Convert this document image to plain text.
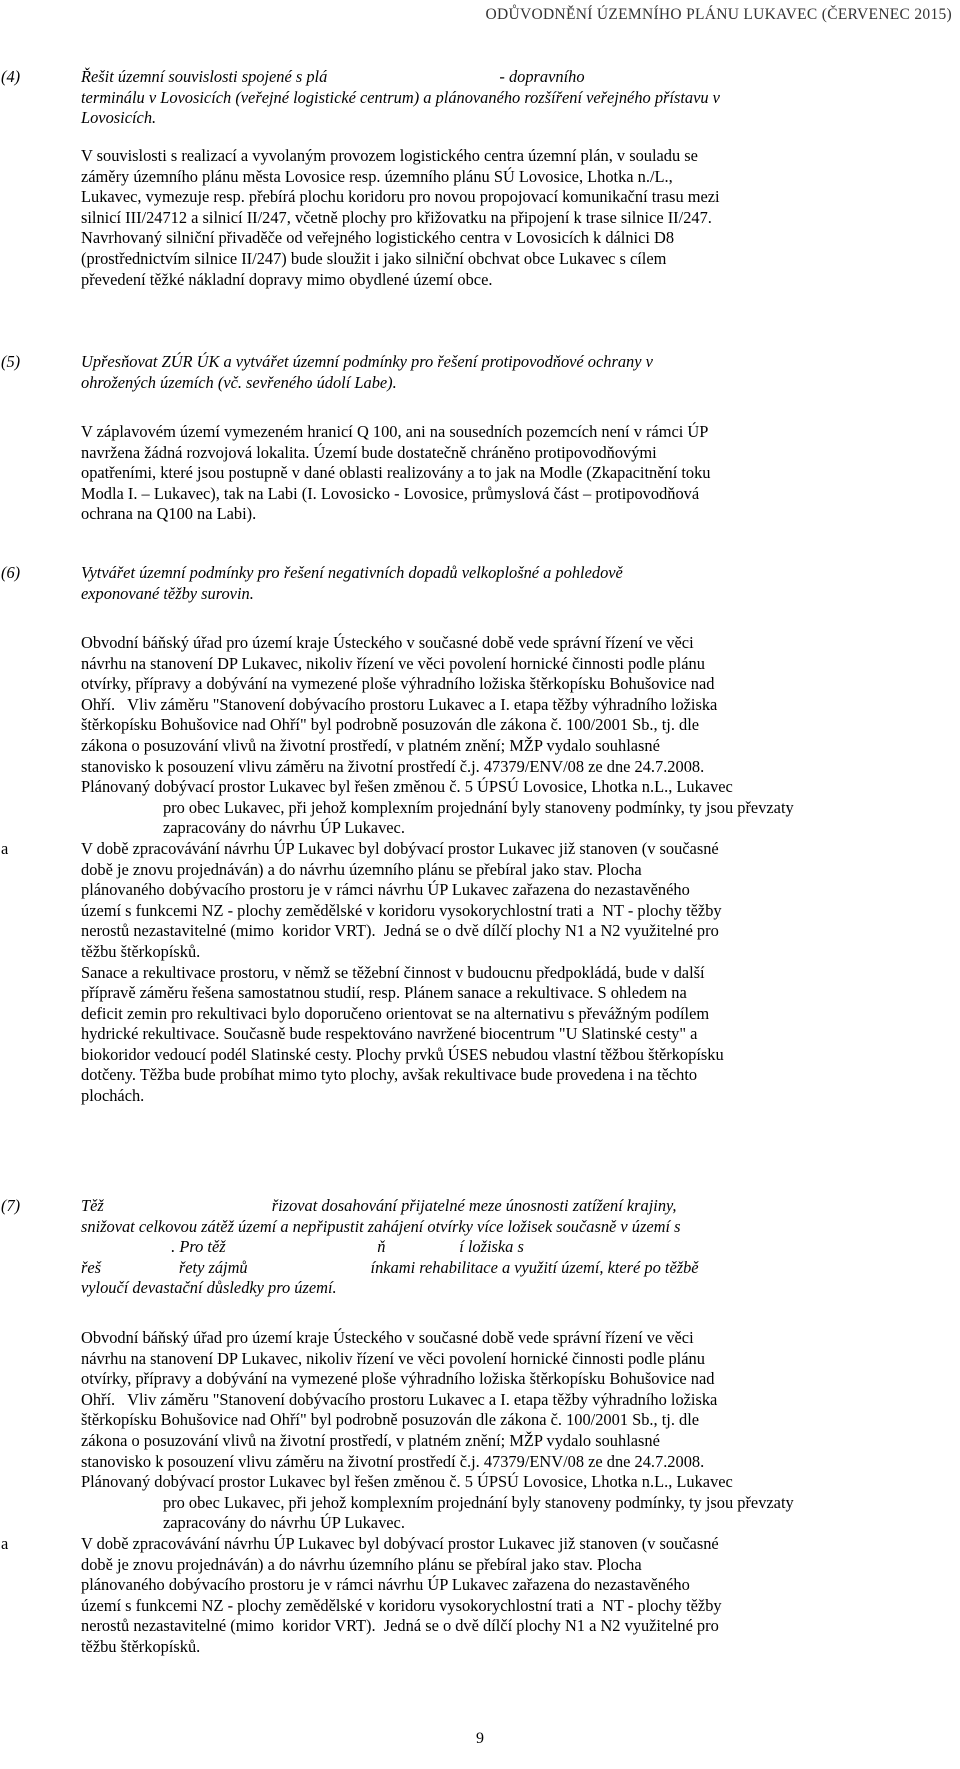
ODŮVODNĚNÍ ÚZEMNÍHO PLÁNU LUKAVEC (ČERVENEC 2015)
(4)	Řešit územní souvislosti spojené s plá                                          - dopravního
terminálu v Lovosicích (veřejné logistické centrum) a plánovaného rozšíření veřejného přístavu v
Lovosicích.
V souvislosti s realizací a vyvolaným provozem logistického centra územní plán, v souladu se
záměry územního plánu města Lovosice resp. územního plánu SÚ Lovosice, Lhotka n./L.,
Lukavec, vymezuje resp. přebírá plochu koridoru pro novou propojovací komunikační trasu mezi
silnicí III/24712 a silnicí II/247, včetně plochy pro křižovatku na připojení k trase silnice II/247.
Navrhovaný silniční přivaděče od veřejného logistického centra v Lovosicích k dálnici D8
(prostřednictvím silnice II/247) bude sloužit i jako silniční obchvat obce Lukavec s cílem
převedení těžké nákladní dopravy mimo obydlené území obce.
(5)	Upřesňovat ZÚR ÚK a vytvářet územní podmínky pro řešení protipovodňové ochrany v
ohrožených územích (vč. sevřeného údolí Labe).
V záplavovém území vymezeném hranicí Q 100, ani na sousedních pozemcích není v rámci ÚP
navržena žádná rozvojová lokalita. Území bude dostatečně chráněno protipovodňovými
opatřeními, které jsou postupně v dané oblasti realizovány a to jak na Modle (Zkapacitnění toku
Modla I. – Lukavec), tak na Labi (I. Lovosicko - Lovosice, průmyslová část – protipovodňová
ochrana na Q100 na Labi).
(6)	Vytvářet územní podmínky pro řešení negativních dopadů velkoplošné a pohledově
exponované těžby surovin.
Obvodní báňský úřad pro území kraje Ústeckého v současné době vede správní řízení ve věci
návrhu na stanovení DP Lukavec, nikoliv řízení ve věci povolení hornické činnosti podle plánu
otvírky, přípravy a dobývání na vymezené ploše výhradního ložiska štěrkopísku Bohušovice nad
Ohří.   Vliv záměru "Stanovení dobývacího prostoru Lukavec a I. etapa těžby výhradního ložiska
štěrkopísku Bohušovice nad Ohří" byl podrobně posuzován dle zákona č. 100/2001 Sb., tj. dle
zákona o posuzování vlivů na životní prostředí, v platném znění; MŽP vydalo souhlasné
stanovisko k posouzení vlivu záměru na životní prostředí č.j. 47379/ENV/08 ze dne 24.7.2008.
Plánovaný dobývací prostor Lukavec byl řešen změnou č. 5 ÚPSÚ Lovosice, Lhotka n.L., Lukavec
pro obec Lukavec, při jehož komplexním projednání byly stanoveny podmínky, ty jsou převzaty
zapracovány do návrhu ÚP Lukavec.
V době zpracovávání návrhu ÚP Lukavec byl dobývací prostor Lukavec již stanoven (v současné
době je znovu projednáván) a do návrhu územního plánu se přebíral jako stav. Plocha
plánovaného dobývacího prostoru je v rámci návrhu ÚP Lukavec zařazena do nezastavěného
území s funkcemi NZ - plochy zemědělské v koridoru vysokorychlostní trati a  NT - plochy těžby
nerostů nezastavitelné (mimo  koridor VRT).  Jedná se o dvě dílčí plochy N1 a N2 využitelné pro
těžbu štěrkopísků.
Sanace a rekultivace prostoru, v němž se těžební činnost v budoucnu předpokládá, bude v další
přípravě záměru řešena samostatnou studií, resp. Plánem sanace a rekultivace. S ohledem na
deficit zemin pro rekultivaci bylo doporučeno orientovat se na alternativu s převážným podílem
hydrické rekultivace. Současně bude respektováno navržené biocentrum "U Slatinské cesty" a
biokoridor vedoucí podél Slatinské cesty. Plochy prvků ÚSES nebudou vlastní těžbou štěrkopísku
dotčeny. Těžba bude probíhat mimo tyto plochy, avšak rekultivace bude provedena i na těchto
plochách.
a
(7)	Těž                                         řizovat dosahování přijatelné meze únosnosti zatížení krajiny,
snižovat celkovou zátěž území a nepřipustit zahájení otvírky více ložisek současně v území s
. Pro těž                                     ň                  í ložiska s
řeš                   řety zájmů                              ínkami rehabilitace a využití území, které po těžbě
vyloučí devastační důsledky pro území.
Obvodní báňský úřad pro území kraje Ústeckého v současné době vede správní řízení ve věci
návrhu na stanovení DP Lukavec, nikoliv řízení ve věci povolení hornické činnosti podle plánu
otvírky, přípravy a dobývání na vymezené ploše výhradního ložiska štěrkopísku Bohušovice nad
Ohří.   Vliv záměru "Stanovení dobývacího prostoru Lukavec a I. etapa těžby výhradního ložiska
štěrkopísku Bohušovice nad Ohří" byl podrobně posuzován dle zákona č. 100/2001 Sb., tj. dle
zákona o posuzování vlivů na životní prostředí, v platném znění; MŽP vydalo souhlasné
stanovisko k posouzení vlivu záměru na životní prostředí č.j. 47379/ENV/08 ze dne 24.7.2008.
Plánovaný dobývací prostor Lukavec byl řešen změnou č. 5 ÚPSÚ Lovosice, Lhotka n.L., Lukavec
pro obec Lukavec, při jehož komplexním projednání byly stanoveny podmínky, ty jsou převzaty
zapracovány do návrhu ÚP Lukavec.
V době zpracovávání návrhu ÚP Lukavec byl dobývací prostor Lukavec již stanoven (v současné
době je znovu projednáván) a do návrhu územního plánu se přebíral jako stav. Plocha
plánovaného dobývacího prostoru je v rámci návrhu ÚP Lukavec zařazena do nezastavěného
území s funkcemi NZ - plochy zemědělské v koridoru vysokorychlostní trati a  NT - plochy těžby
nerostů nezastavitelné (mimo  koridor VRT).  Jedná se o dvě dílčí plochy N1 a N2 využitelné pro
těžbu štěrkopísků.
a
9
